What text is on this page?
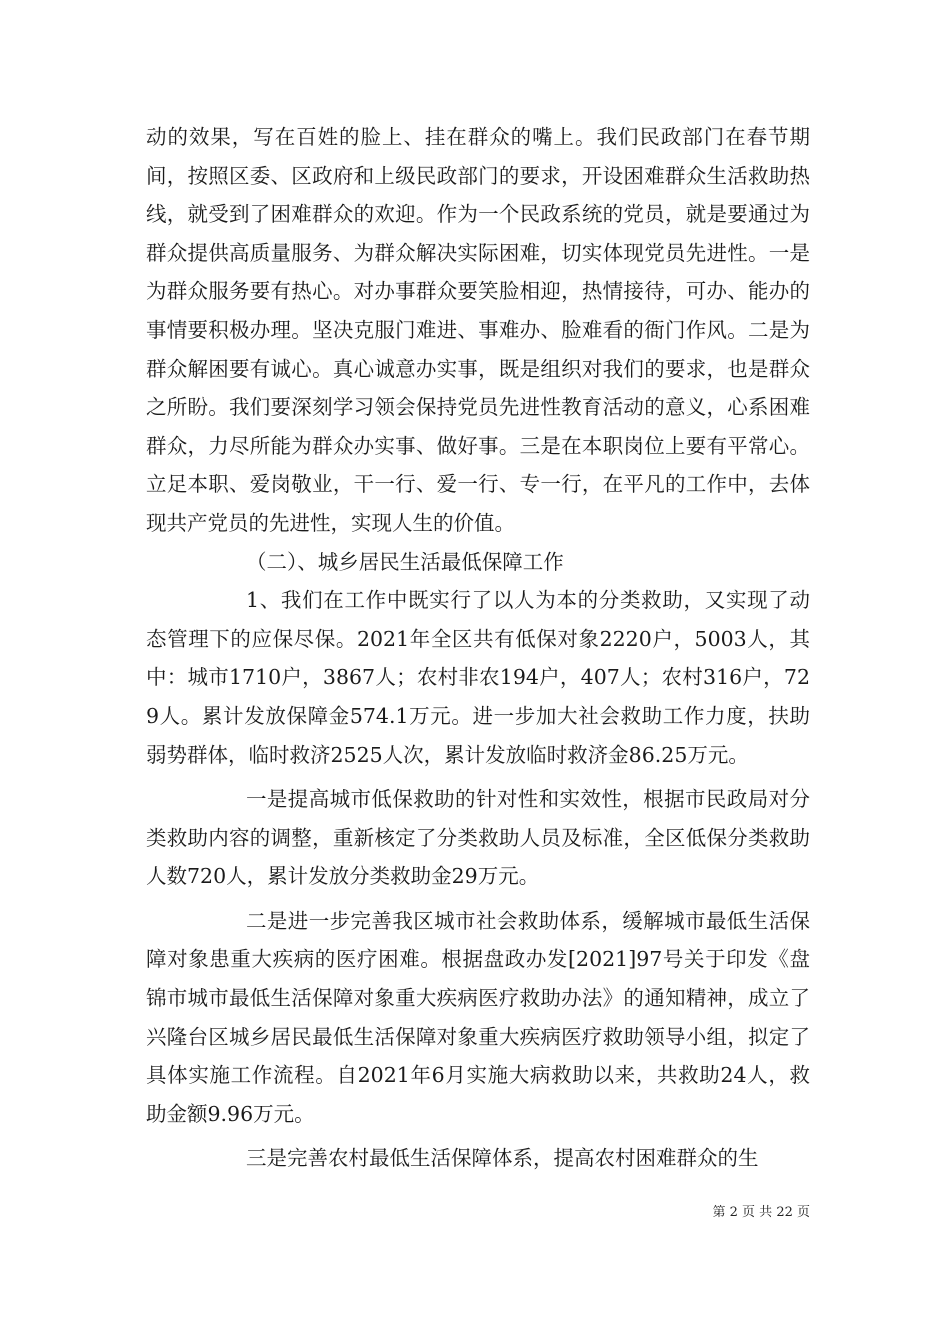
动的效果，写在百姓的脸上、挂在群众的嘴上。我们民政部门在春节期间，按照区委、区政府和上级民政部门的要求，开设困难群众生活救助热线，就受到了困难群众的欢迎。作为一个民政系统的党员，就是要通过为群众提供高质量服务、为群众解决实际困难，切实体现党员先进性。一是为群众服务要有热心。对办事群众要笑脸相迎，热情接待，可办、能办的事情要积极办理。坚决克服门难进、事难办、脸难看的衙门作风。二是为群众解困要有诚心。真心诚意办实事，既是组织对我们的要求，也是群众之所盼。我们要深刻学习领会保持党员先进性教育活动的意义，心系困难群众，力尽所能为群众办实事、做好事。三是在本职岗位上要有平常心。立足本职、爱岗敬业，干一行、爱一行、专一行，在平凡的工作中，去体现共产党员的先进性，实现人生的价值。

（二）、城乡居民生活最低保障工作

1、我们在工作中既实行了以人为本的分类救助，又实现了动态管理下的应保尽保。2021年全区共有低保对象2220户，5003人，其中：城市1710户，3867人；农村非农194户，407人；农村316户，729人。累计发放保障金574.1万元。进一步加大社会救助工作力度，扶助弱势群体，临时救济2525人次，累计发放临时救济金86.25万元。

一是提高城市低保救助的针对性和实效性，根据市民政局对分类救助内容的调整，重新核定了分类救助人员及标准，全区低保分类救助人数720人，累计发放分类救助金29万元。

二是进一步完善我区城市社会救助体系，缓解城市最低生活保障对象患重大疾病的医疗困难。根据盘政办发[2021]97号关于印发《盘锦市城市最低生活保障对象重大疾病医疗救助办法》的通知精神，成立了兴隆台区城乡居民最低生活保障对象重大疾病医疗救助领导小组，拟定了具体实施工作流程。自2021年6月实施大病救助以来，共救助24人，救助金额9.96万元。

三是完善农村最低生活保障体系，提高农村困难群众的生

第 2 页 共 22 页
